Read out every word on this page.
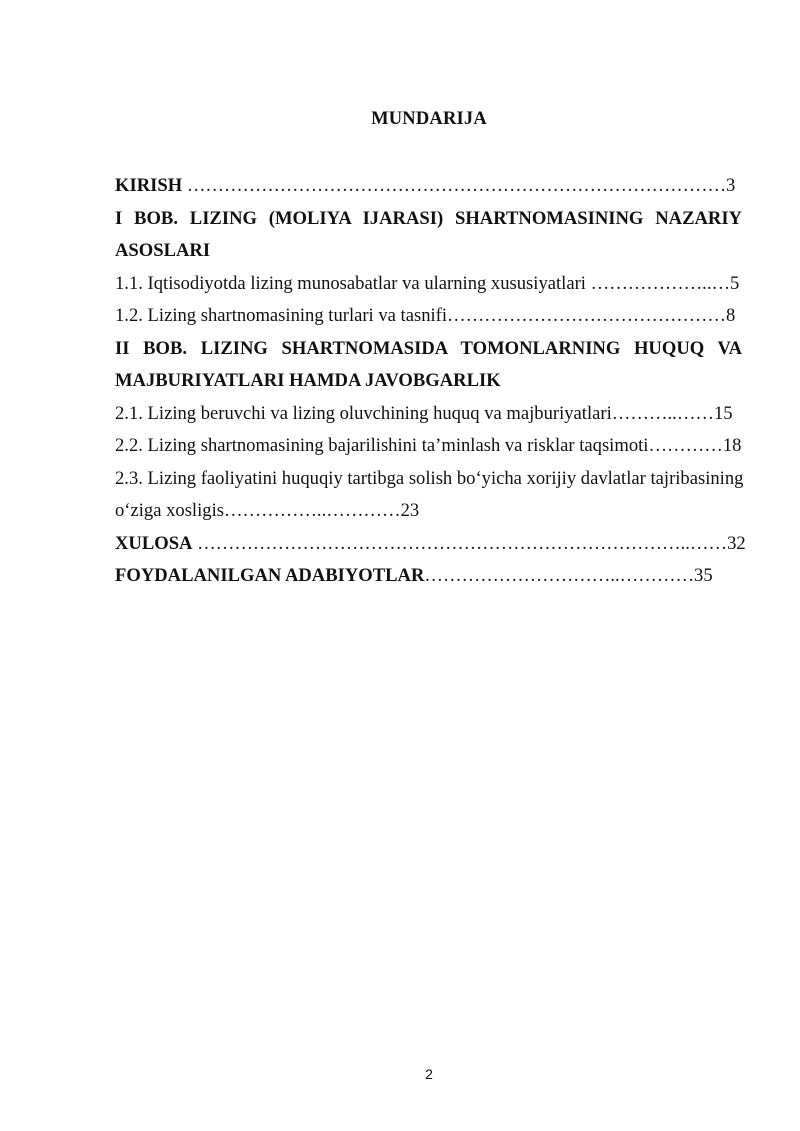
MUNDARIJA
KIRISH ……………………………………………………………………………3
I BOB. LIZING (MOLIYA IJARASI) SHARTNOMASINING NAZARIY
ASOSLARI
1.1. Iqtisodiyotda lizing munosabatlar va ularning xususiyatlari ………………..…5
1.2. Lizing shartnomasining turlari va tasnifi………………………………………8
II BOB. LIZING SHARTNOMASIDA TOMONLARNING HUQUQ VA
MAJBURIYATLARI HAMDA JAVOBGARLIK
2.1. Lizing beruvchi va lizing oluvchining huquq va majburiyatlari………..……15
2.2. Lizing shartnomasining bajarilishini ta’minlash va risklar taqsimoti…………18
2.3. Lizing faoliyatini huquqiy tartibga solish bo‘yicha xorijiy davlatlar tajribasining
o‘ziga xosligis……………..…………23
XULOSA ……………………………………………………………………..……32
FOYDALANILGAN ADABIYOTLAR…………………………..…………35
2
